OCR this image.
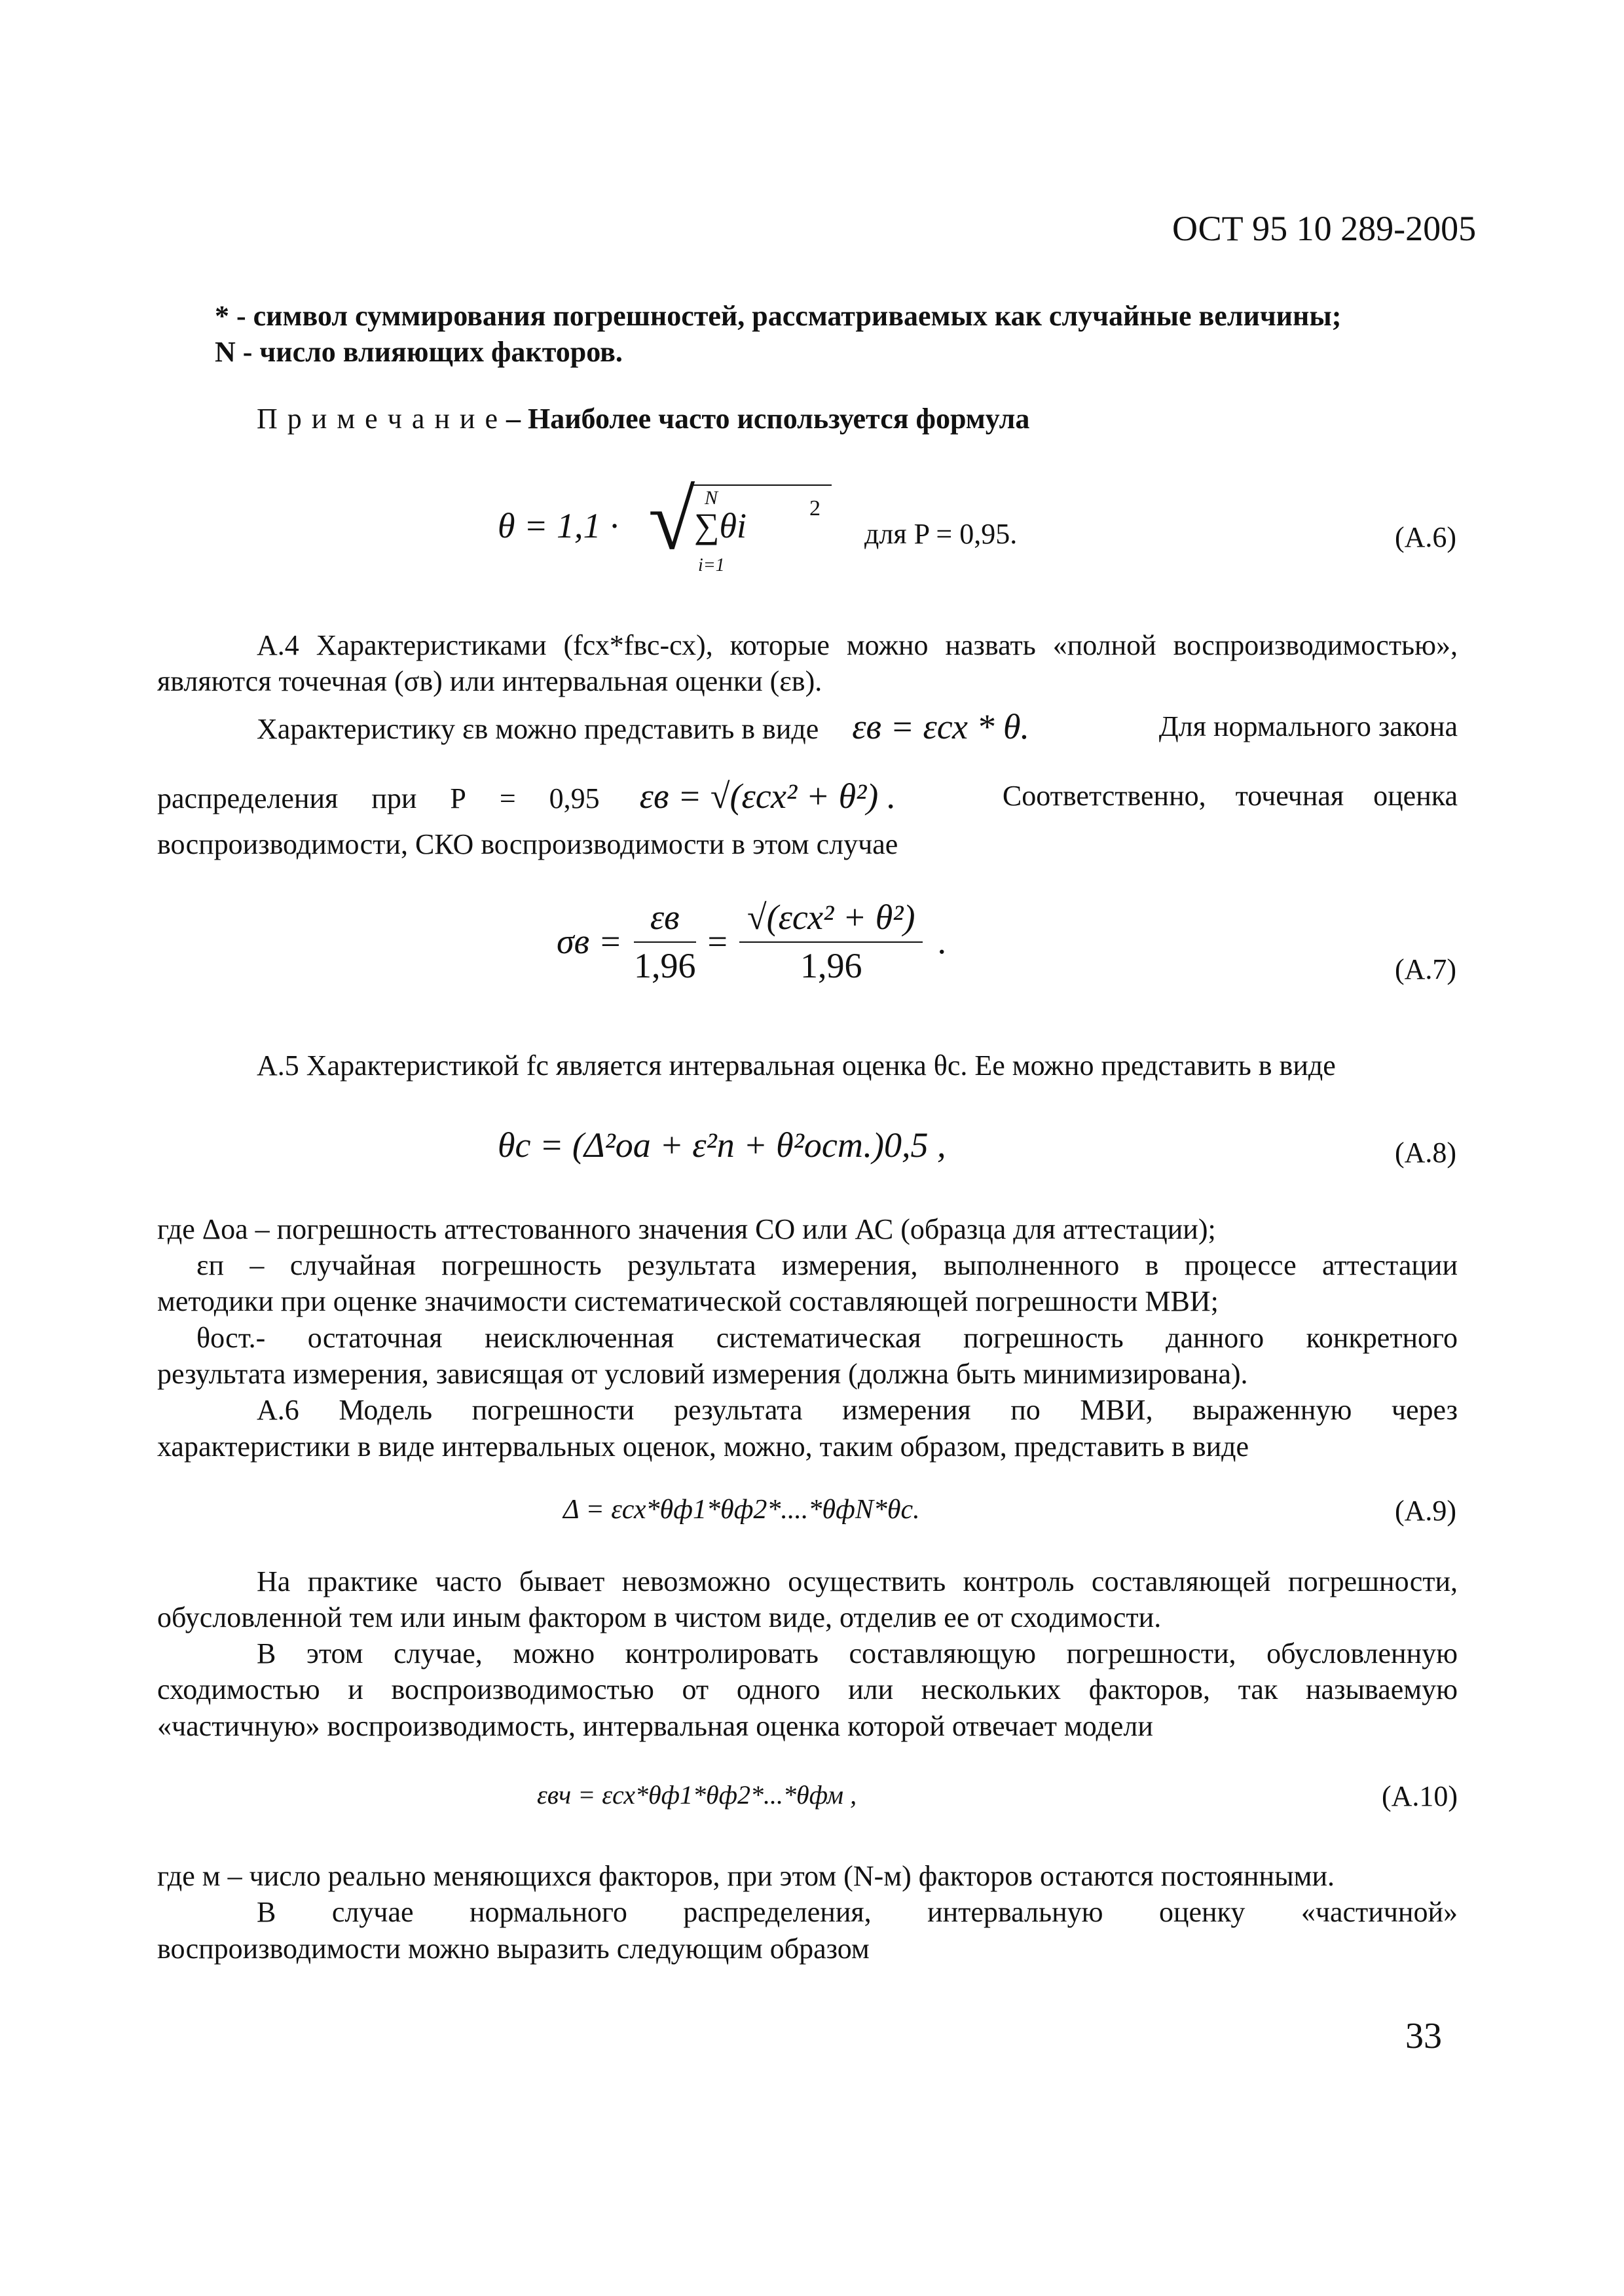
ОСТ 95 10 289-2005
* - символ суммирования погрешностей, рассматриваемых как случайные величины;
N - число влияющих факторов.
П р и м е ч а н и е – Наиболее часто используется формула
θ = 1,1 · √ N
∑θi	2
i=1
для P = 0,95.	(А.6)
А.4 Характеристиками (fсх*fвс-сх), которые можно назвать «полной воспроизводимостью»,
являются точечная (σв) или интервальная оценки (εв).
Характеристику εв можно представить в виде εв = εсх * θ.	Для нормального закона
распределения при Р = 0,95 εв = √(εсх² + θ²) .	Соответственно, точечная оценка
воспроизводимости, СКО воспроизводимости в этом случае
$\sigma в = \frac{\varepsilon в}{1,96} = \frac{\text{√(εсх² + θ²)}}{1,96}$ .
(А.7)
А.5 Характеристикой fс является интервальная оценка θс. Ее можно представить в виде
θс = (Δ²оа + ε²п + θ²ост.)0,5 ,	(А.8)
где Δоа – погрешность аттестованного значения СО или АС (образца для аттестации);
εп – случайная погрешность результата измерения, выполненного в процессе аттестации
методики при оценке значимости систематической составляющей погрешности МВИ;
θост.- остаточная неисключенная систематическая погрешность данного конкретного
результата измерения, зависящая от условий измерения (должна быть минимизирована).
А.6 Модель погрешности результата измерения по МВИ, выраженную через
характеристики в виде интервальных оценок, можно, таким образом, представить в виде
Δ = εсх*θф1*θф2*....*θфN*θс.	(А.9)
На практике часто бывает невозможно осуществить контроль составляющей погрешности,
обусловленной тем или иным фактором в чистом виде, отделив ее от сходимости.
В этом случае, можно контролировать составляющую погрешности, обусловленную
сходимостью и воспроизводимостью от одного или нескольких факторов, так называемую
«частичную» воспроизводимость, интервальная оценка которой отвечает модели
εвч = εсх*θф1*θф2*...*θфм ,	(А.10)
где м – число реально меняющихся факторов, при этом (N-м) факторов остаются постоянными.
В случае нормального распределения, интервальную оценку «частичной»
воспроизводимости можно выразить следующим образом
33
